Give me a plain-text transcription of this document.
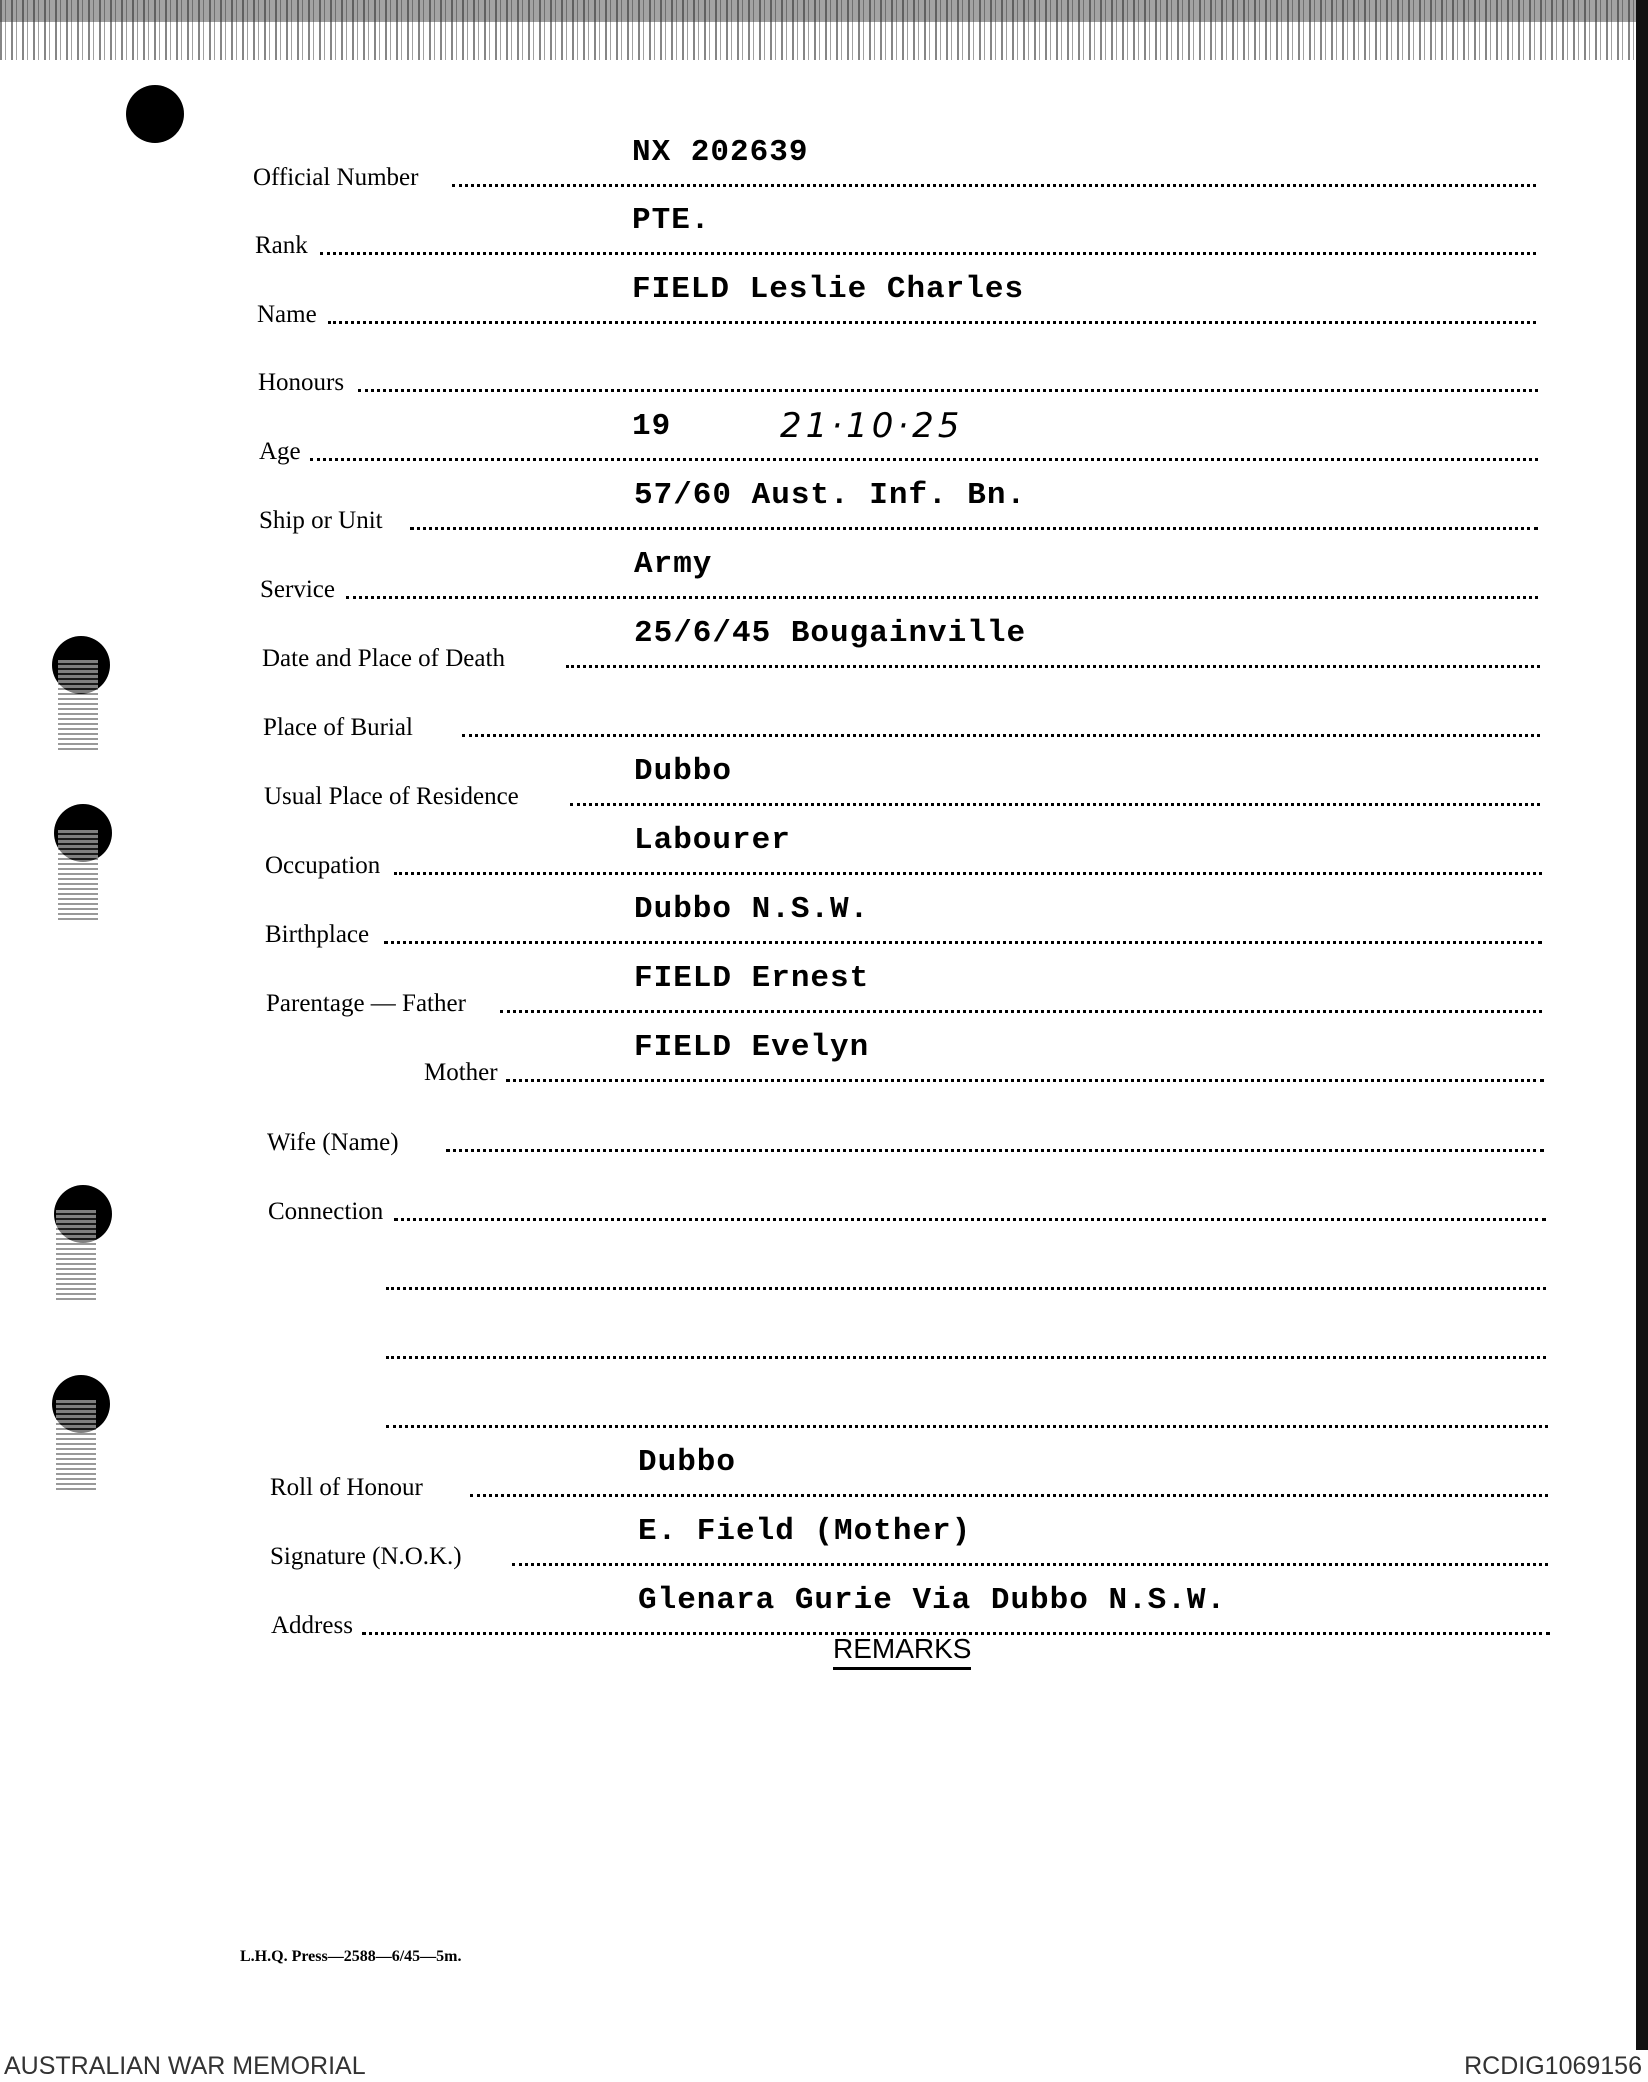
Official Number
NX 202639
Rank
PTE.
Name
FIELD Leslie Charles
Honours
Age
19	21·10·25
Ship or Unit
57/60 Aust. Inf. Bn.
Service
Army
Date and Place of Death
25/6/45 Bougainville
Place of Burial
Usual Place of Residence
Dubbo
Occupation
Labourer
Birthplace
Dubbo N.S.W.
Parentage — Father
FIELD Ernest
Mother
FIELD Evelyn
Wife (Name)
Connection
Roll of Honour
Dubbo
Signature (N.O.K.)
E. Field (Mother)
Address
Glenara Gurie Via Dubbo N.S.W.
REMARKS
L.H.Q. Press—2588—6/45—5m.
AUSTRALIAN WAR MEMORIAL	RCDIG1069156
